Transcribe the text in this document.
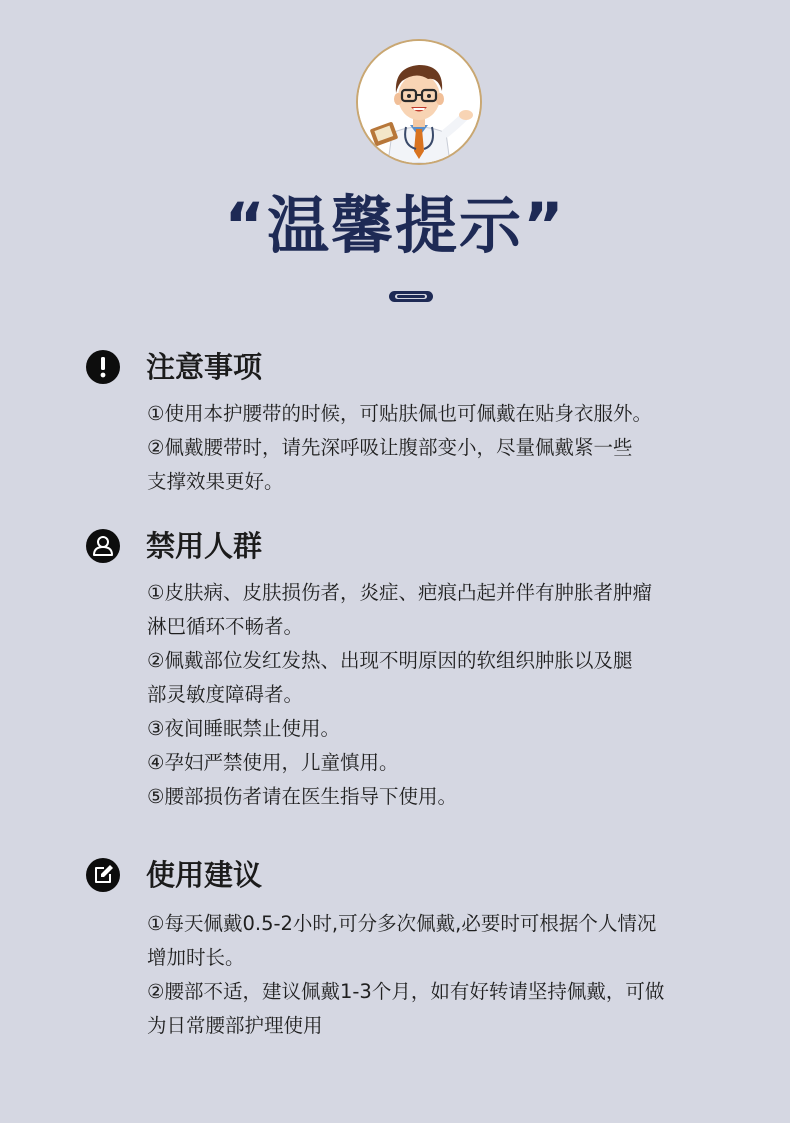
“温馨提示”
注意事项
①使用本护腰带的时候，可贴肤佩也可佩戴在贴身衣服外。
②佩戴腰带时，请先深呼吸让腹部变小，尽量佩戴紧一些
支撑效果更好。
禁用人群
①皮肤病、皮肤损伤者，炎症、疤痕凸起并伴有肿胀者肿瘤
淋巴循环不畅者。
②佩戴部位发红发热、出现不明原因的软组织肿胀以及腿
部灵敏度障碍者。
③夜间睡眠禁止使用。
④孕妇严禁使用，儿童慎用。
⑤腰部损伤者请在医生指导下使用。
使用建议
①每天佩戴0.5-2小时,可分多次佩戴,必要时可根据个人情况
增加时长。
②腰部不适，建议佩戴1-3个月，如有好转请坚持佩戴，可做
为日常腰部护理使用
